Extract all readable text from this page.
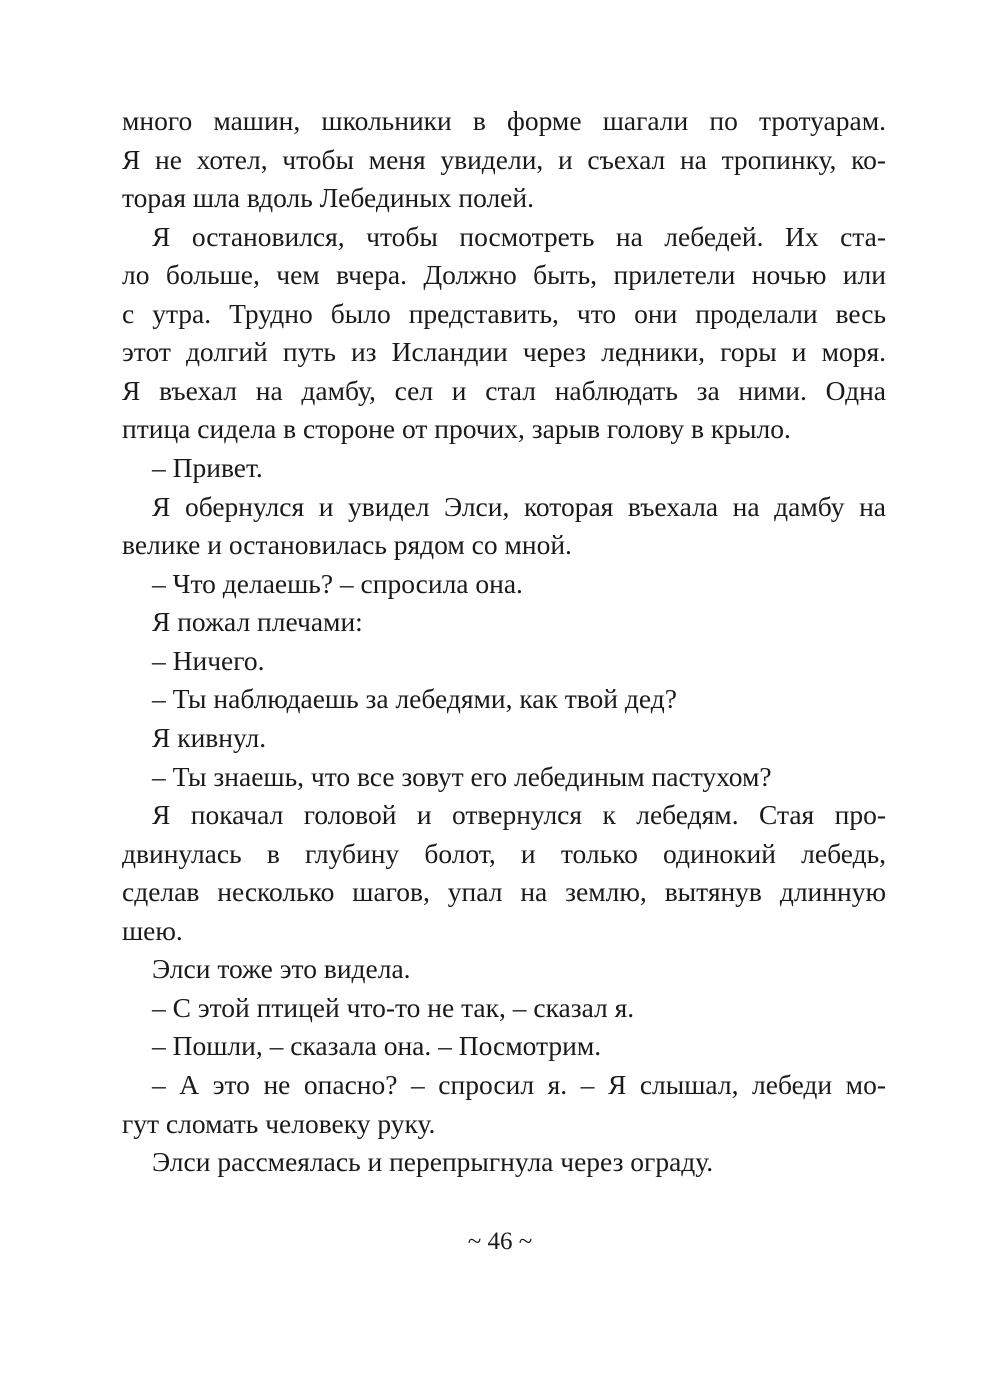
много машин, школьники в форме шагали по тротуарам.
Я не хотел, чтобы меня увидели, и съехал на тропинку, ко-
торая шла вдоль Лебединых полей.
Я остановился, чтобы посмотреть на лебедей. Их ста-
ло больше, чем вчера. Должно быть, прилетели ночью или
с утра. Трудно было представить, что они проделали весь
этот долгий путь из Исландии через ледники, горы и моря.
Я въехал на дамбу, сел и стал наблюдать за ними. Одна
птица сидела в стороне от прочих, зарыв голову в крыло.
– Привет.
Я обернулся и увидел Элси, которая въехала на дамбу на
велике и остановилась рядом со мной.
– Что делаешь? – спросила она.
Я пожал плечами:
– Ничего.
– Ты наблюдаешь за лебедями, как твой дед?
Я кивнул.
– Ты знаешь, что все зовут его лебединым пастухом?
Я покачал головой и отвернулся к лебедям. Стая про-
двинулась в глубину болот, и только одинокий лебедь,
сделав несколько шагов, упал на землю, вытянув длинную
шею.
Элси тоже это видела.
– С этой птицей что-то не так, – сказал я.
– Пошли, – сказала она. – Посмотрим.
– А это не опасно? – спросил я. – Я слышал, лебеди мо-
гут сломать человеку руку.
Элси рассмеялась и перепрыгнула через ограду.
~ 46 ~
